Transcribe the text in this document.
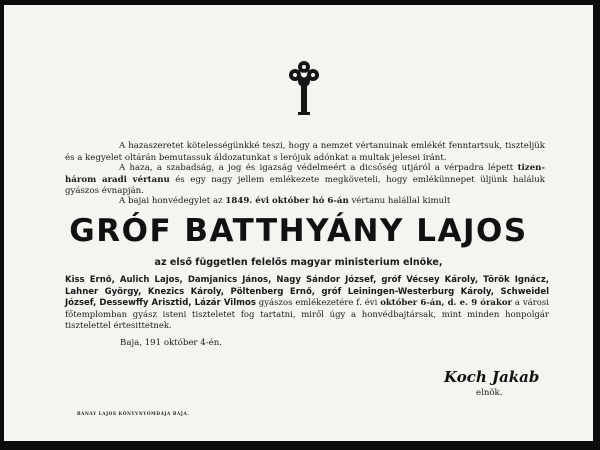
A hazaszeretet kötelességünkké teszi, hogy a nemzet vértanuinak emlékét fenntartsuk, tiszteljük és a kegyelet oltárán bemutassuk áldozatunkat s lerójuk adónkat a multak jelesei iránt.

A haza, a szabadság, a jog és igazság védelmeért a dicsőség utjáról a vérpadra lépett tizenhárom aradi vértanu és egy nagy jellem emlékezete megköveteli, hogy emlékünnepet üljünk haláluk gyászos évnapján.

A bajai honvédegylet az 1849. évi október hó 6-án vértanu halállal kimult

GRÓF BATTHYÁNY LAJOS
az első független felelős magyar ministerium elnöke,

Kiss Ernő, Aulich Lajos, Damjanics János, Nagy Sándor József, gróf Vécsey Károly, Török Ignácz, Lahner György, Knezics Károly, Pöltenberg Ernő, gróf Leiningen-Westerburg Károly, Schweidel József, Dessewffy Arisztid, Lázár Vilmos gyászos emlékezetére f. évi október 6-án, d. e. 9 órakor a városi főtemplomban gyász isteni tiszteletet fog tartatni, miről úgy a honvédbajtársak, mint minden honpolgár tisztelettel értesittetnek.

Baja, 191 október 4-én.
Koch Jakab
elnök.
BÁNAY LAJOS KÖNYVNYOMDÁJA BAJA.
